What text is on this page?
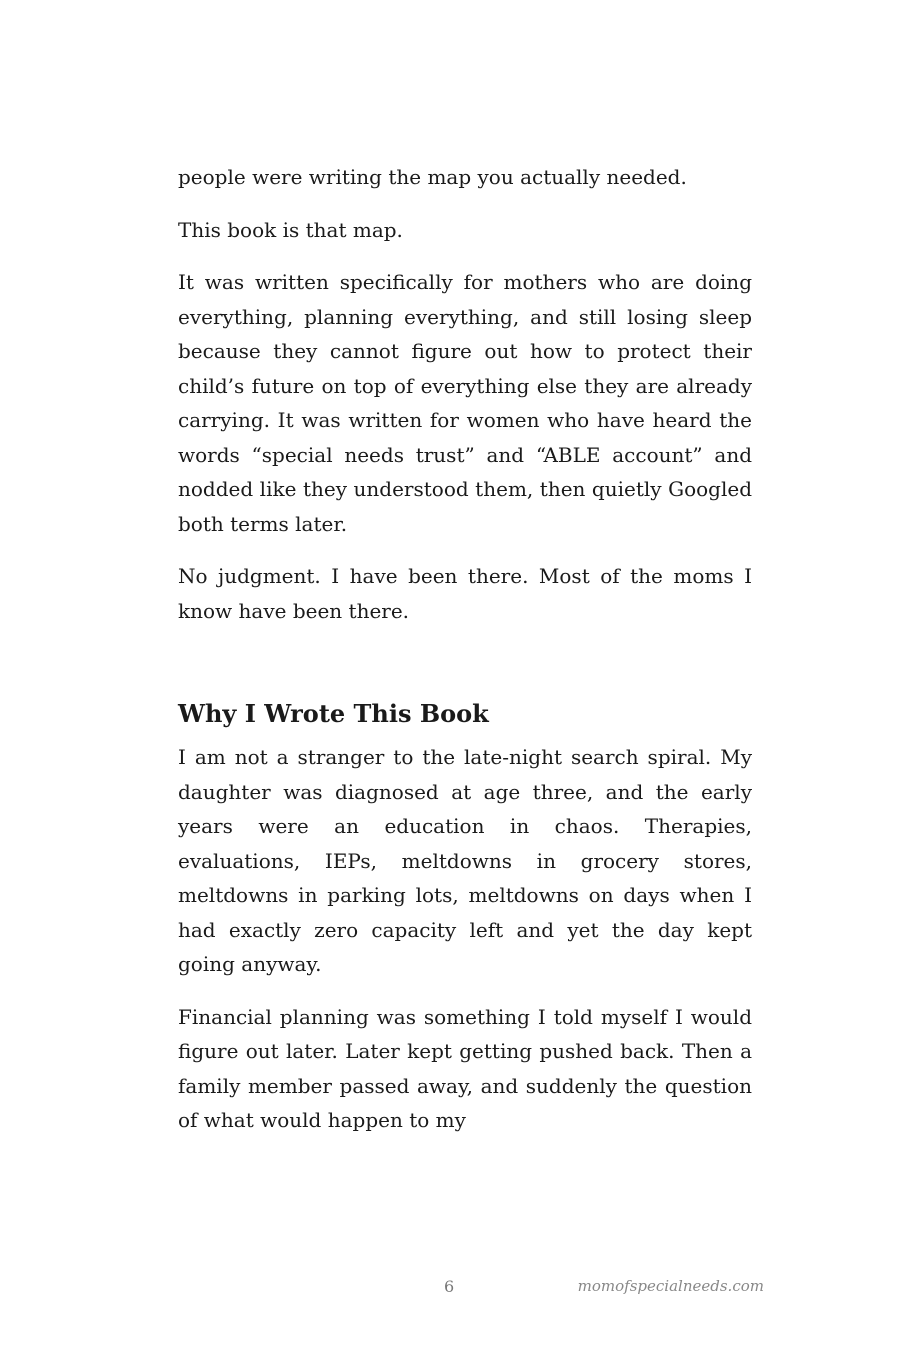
people were writing the map you actually needed.

This book is that map.

It was written specifically for mothers who are doing everything, planning everything, and still losing sleep because they cannot figure out how to protect their child’s future on top of everything else they are already carrying. It was written for women who have heard the words “special needs trust” and “ABLE account” and nodded like they understood them, then quietly Googled both terms later.

No judgment. I have been there. Most of the moms I know have been there.

Why I Wrote This Book

I am not a stranger to the late-night search spiral. My daughter was diagnosed at age three, and the early years were an education in chaos. Therapies, evaluations, IEPs, meltdowns in grocery stores, meltdowns in parking lots, meltdowns on days when I had exactly zero capacity left and yet the day kept going anyway.

Financial planning was something I told myself I would figure out later. Later kept getting pushed back. Then a family member passed away, and suddenly the question of what would happen to my

6	momofspecialneeds.com
